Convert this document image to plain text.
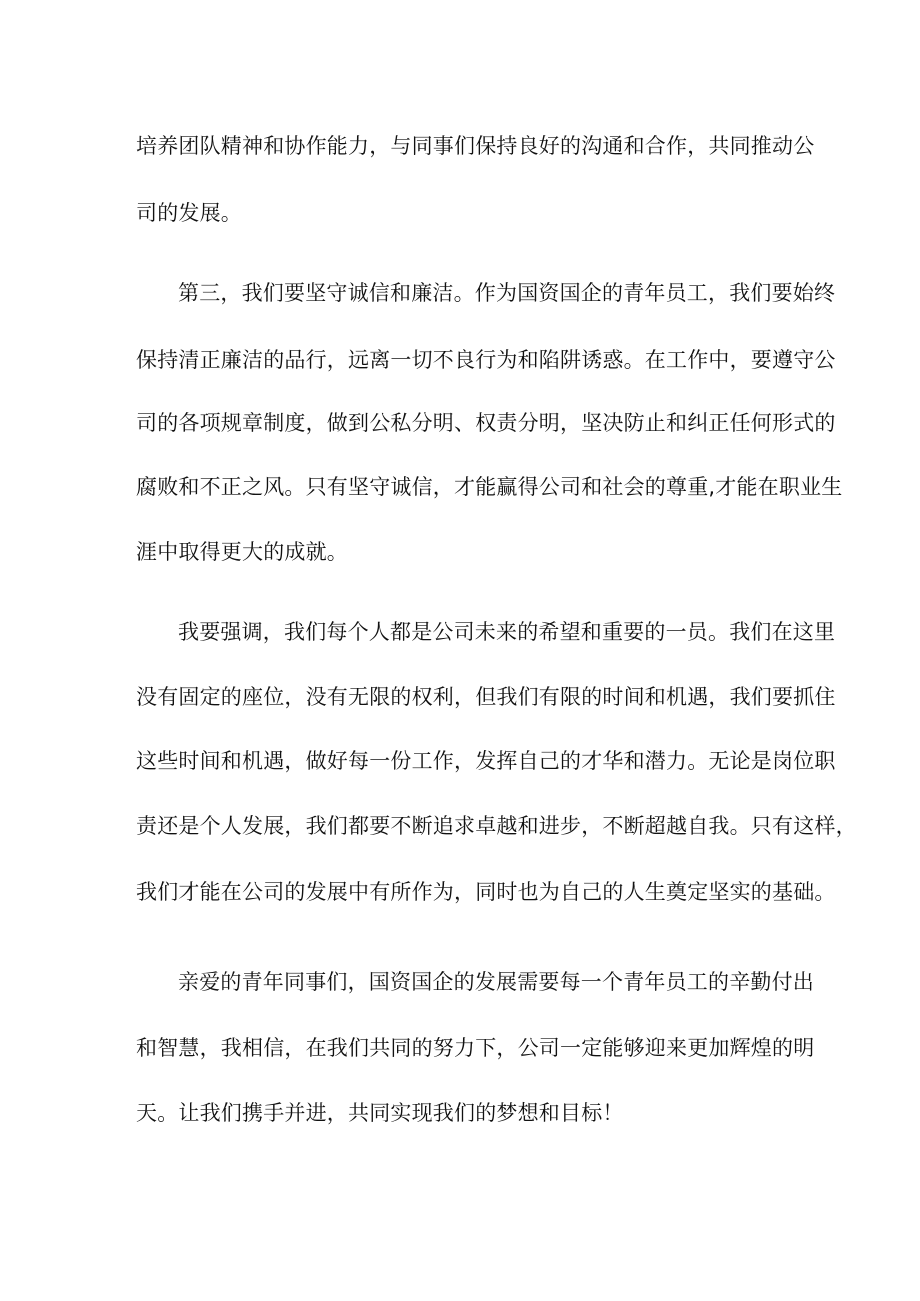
培养团队精神和协作能力，与同事们保持良好的沟通和合作，共同推动公
司的发展。
第三，我们要坚守诚信和廉洁。作为国资国企的青年员工，我们要始终
保持清正廉洁的品行，远离一切不良行为和陷阱诱惑。在工作中，要遵守公
司的各项规章制度，做到公私分明、权责分明，坚决防止和纠正任何形式的
腐败和不正之风。只有坚守诚信，才能赢得公司和社会的尊重,才能在职业生
涯中取得更大的成就。
我要强调，我们每个人都是公司未来的希望和重要的一员。我们在这里
没有固定的座位，没有无限的权利，但我们有限的时间和机遇，我们要抓住
这些时间和机遇，做好每一份工作，发挥自己的才华和潜力。无论是岗位职
责还是个人发展，我们都要不断追求卓越和进步，不断超越自我。只有这样，
我们才能在公司的发展中有所作为，同时也为自己的人生奠定坚实的基础。
亲爱的青年同事们，国资国企的发展需要每一个青年员工的辛勤付出
和智慧，我相信，在我们共同的努力下，公司一定能够迎来更加辉煌的明
天。让我们携手并进，共同实现我们的梦想和目标！
